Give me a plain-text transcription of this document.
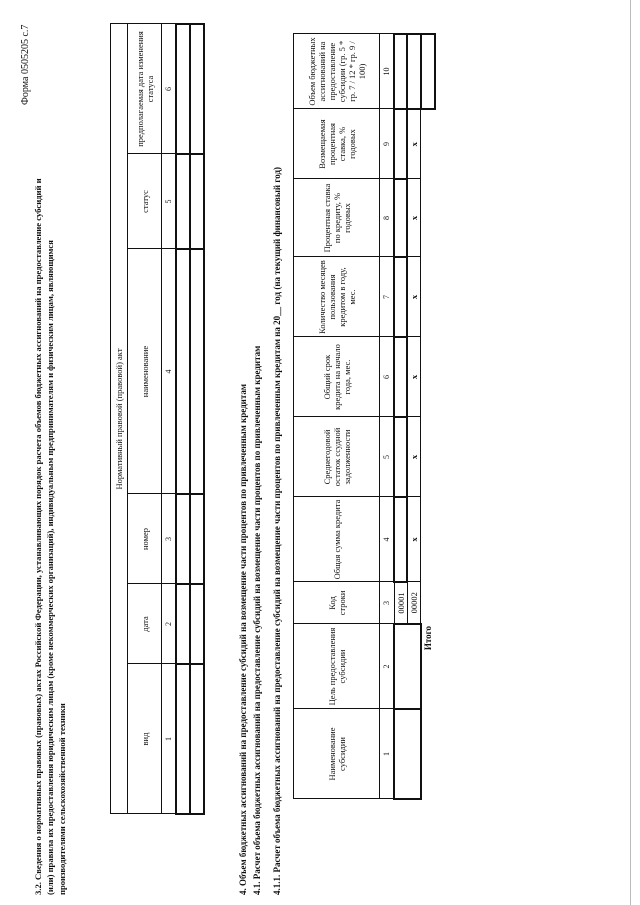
Форма 0505205 с.7
3.2. Сведения о нормативных правовых (правовых) актах Российской Федерации, устанавливающих порядок расчета объемов бюджетных ассигнований на предоставление субсидий и (или) правила их предоставления юридическим лицам (кроме некоммерческих организаций), индивидуальным предпринимателям и физическим лицам, являющимся производителями сельскохозяйственной техники
Нормативный правовой (правовой) акт					
вид	дата	номер	наименование	статус	предполагаемая дата изменения статуса
1	2	3	4	5	6

4. Объем бюджетных ассигнований на предоставление субсидий на возмещение части процентов по привлеченным кредитам 4.1. Расчет объема бюджетных ассигнований на предоставление субсидий на возмещение части процентов по привлеченным кредитам 4.1.1. Расчет объема бюджетных ассигнований на предоставление субсидий на возмещение части процентов по привлеченным кредитам на 20__ год (на текущий финансовый год)	Наименование субсидии	Цель предоставления субсидии	Код строки	Общая сумма кредита	Среднегодовой остаток ссудной задолженности	Общий срок кредита на начало года, мес.	Количество месяцев пользования кредитом в году, мес.	Процентная ставка по кредиту, % годовых	Возмещаемая процентная ставка, % годовых	Объем бюджетных ассигнований на предоставление субсидии (гр. 5 * гр. 7 / 12 * гр. 9 / 100)
1	2	3	4	5	6	7	8	9	10
		00001							
		00002	х	х	х	х	х	х	
Итого									
